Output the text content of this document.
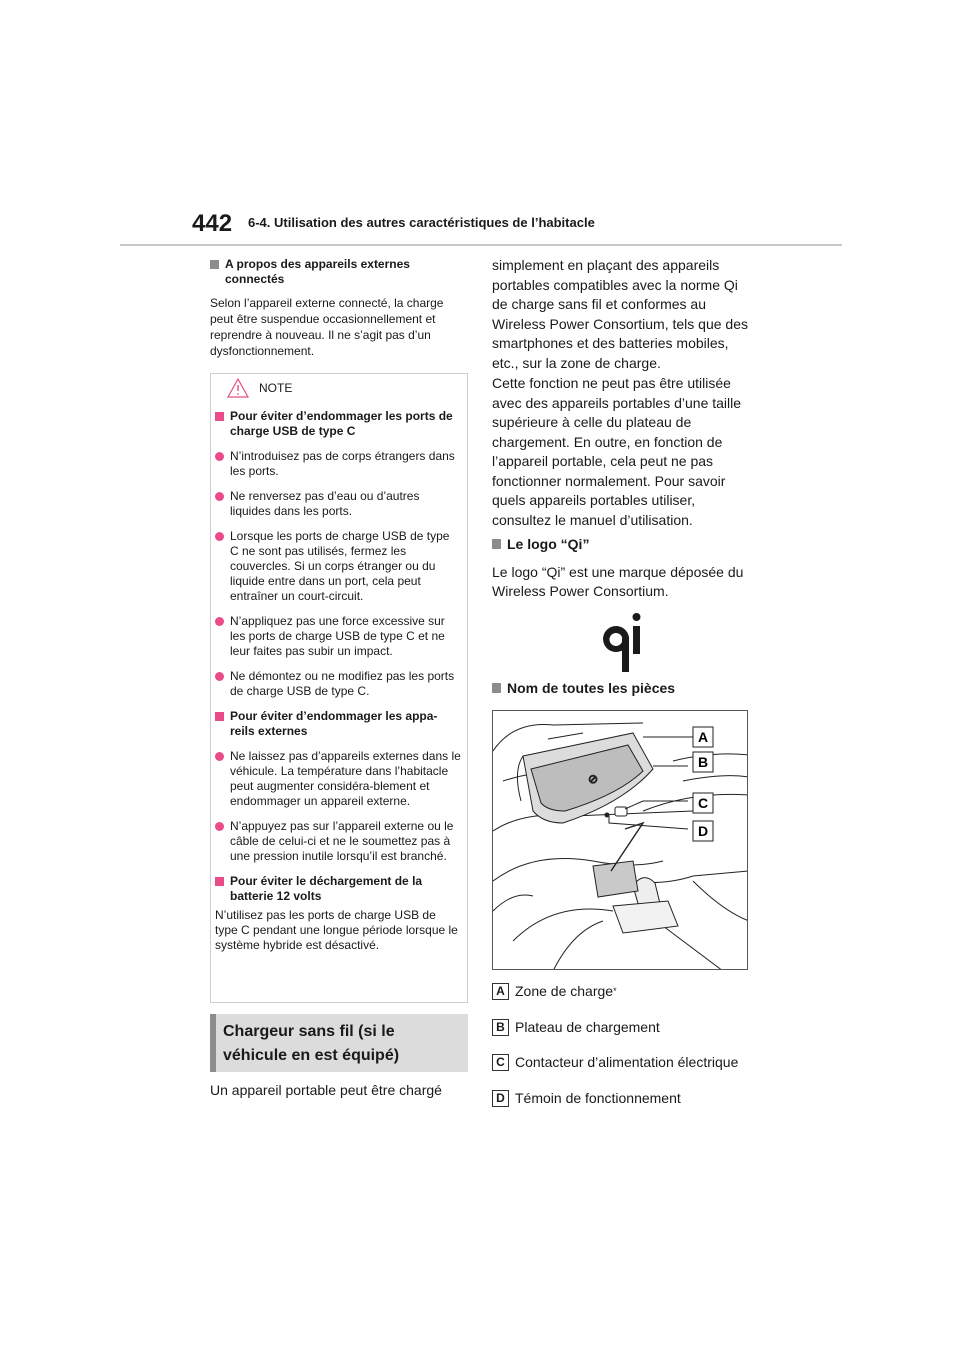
442 6-4. Utilisation des autres caractéristiques de l’habitacle
A propos des appareils externes connectés

Selon l’appareil externe connecté, la charge peut être suspendue occasionnellement et reprendre à nouveau. Il ne s’agit pas d’un dysfonctionnement.

NOTE
Pour éviter d’endommager les ports de charge USB de type C
N’introduisez pas de corps étrangers dans les ports.
Ne renversez pas d’eau ou d’autres liquides dans les ports.
Lorsque les ports de charge USB de type C ne sont pas utilisés, fermez les couvercles. Si un corps étranger ou du liquide entre dans un port, cela peut entraîner un court-circuit.
N’appliquez pas une force excessive sur les ports de charge USB de type C et ne leur faites pas subir un impact.
Ne démontez ou ne modifiez pas les ports de charge USB de type C.
Pour éviter d’endommager les appa-reils externes
Ne laissez pas d’appareils externes dans le véhicule. La température dans l’habitacle peut augmenter considéra-blement et endommager un appareil externe.
N’appuyez pas sur l’appareil externe ou le câble de celui-ci et ne le soumettez pas à une pression inutile lorsqu’il est branché.
Pour éviter le déchargement de la batterie 12 volts

N’utilisez pas les ports de charge USB de type C pendant une longue période lorsque le système hybride est désactivé.

Chargeur sans fil (si le véhicule en est équipé)
Un appareil portable peut être chargé
simplement en plaçant des appareils portables compatibles avec la norme Qi de charge sans fil et conformes au Wireless Power Consortium, tels que des smartphones et des batteries mobiles, etc., sur la zone de charge.
Cette fonction ne peut pas être utilisée avec des appareils portables d’une taille supérieure à celle du plateau de chargement. En outre, en fonction de l’appareil portable, cela peut ne pas fonctionner normalement. Pour savoir quels appareils portables utiliser, consultez le manuel d’utilisation.
Le logo “Qi”
Le logo “Qi” est une marque déposée du Wireless Power Consortium.
Nom de toutes les pièces
⊘
A
B
C
D
A Zone de charge *
B Plateau de chargement
C Contacteur d’alimentation électrique
D Témoin de fonctionnement
